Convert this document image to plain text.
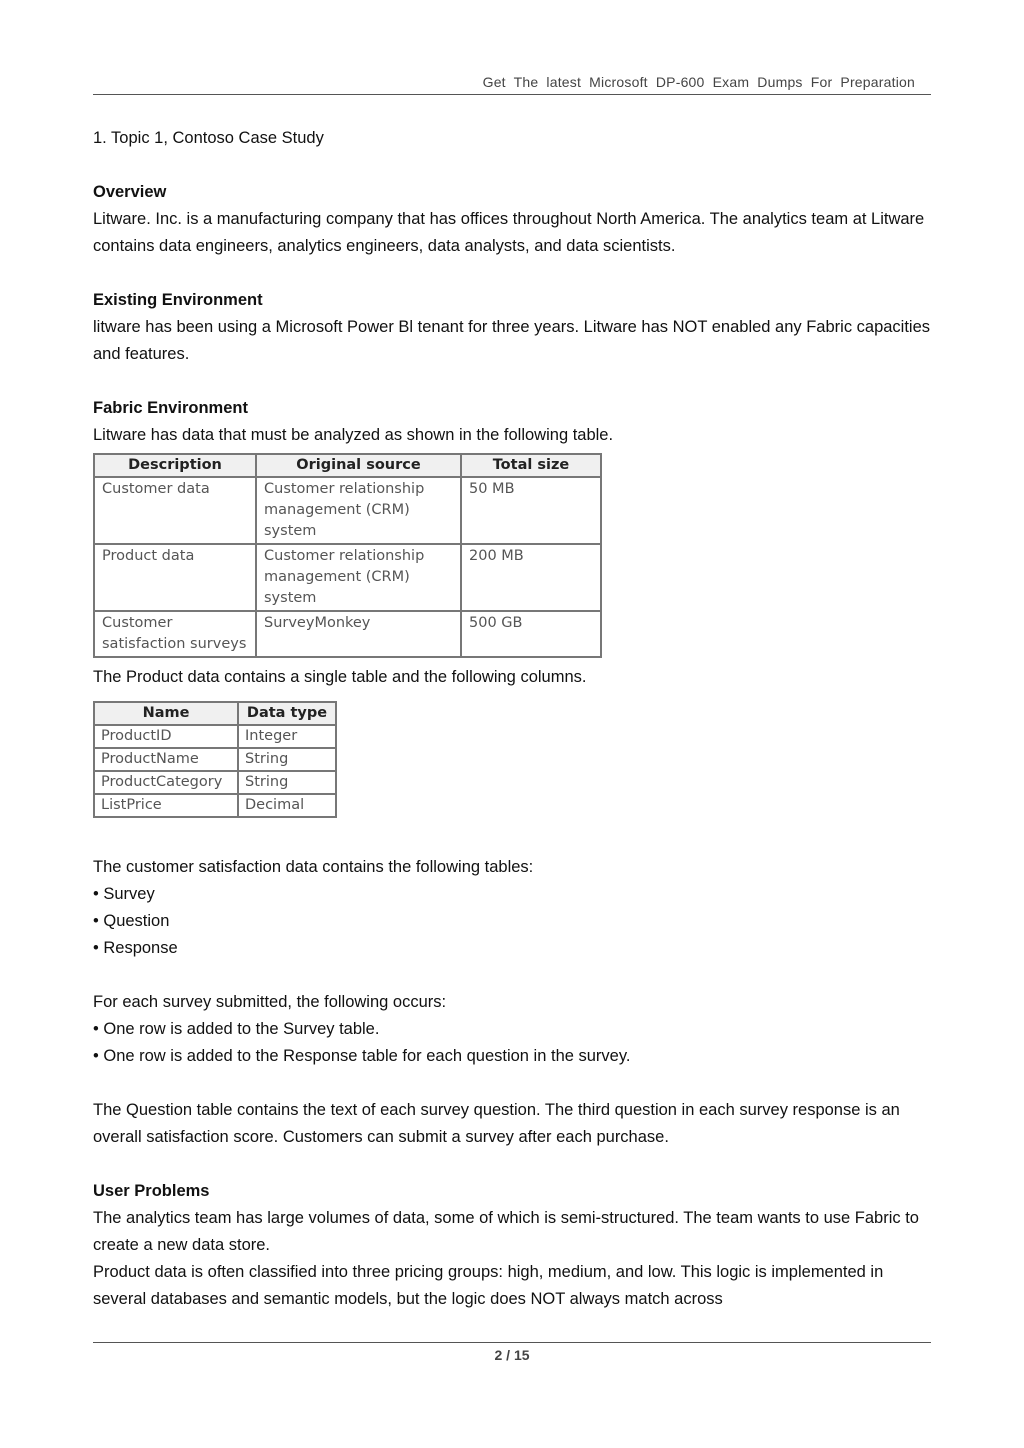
Get The latest Microsoft DP-600 Exam Dumps For Preparation

1. Topic 1, Contoso Case Study

Overview

Litware. Inc. is a manufacturing company that has offices throughout North America. The analytics team at Litware contains data engineers, analytics engineers, data analysts, and data scientists.

Existing Environment

litware has been using a Microsoft Power Bl tenant for three years. Litware has NOT enabled any Fabric capacities and features.

Fabric Environment

Litware has data that must be analyzed as shown in the following table.

Description	Original source	Total size
Customer data	Customer relationship management (CRM) system	50 MB
Product data	Customer relationship management (CRM) system	200 MB
Customer satisfaction surveys	SurveyMonkey	500 GB

The Product data contains a single table and the following columns.

Name	Data type
ProductID	Integer
ProductName	String
ProductCategory	String
ListPrice	Decimal

The customer satisfaction data contains the following tables:

• Survey

• Question

• Response

For each survey submitted, the following occurs:

• One row is added to the Survey table.

• One row is added to the Response table for each question in the survey.

The Question table contains the text of each survey question. The third question in each survey response is an overall satisfaction score. Customers can submit a survey after each purchase.

User Problems

The analytics team has large volumes of data, some of which is semi-structured. The team wants to use Fabric to create a new data store.

Product data is often classified into three pricing groups: high, medium, and low. This logic is implemented in several databases and semantic models, but the logic does NOT always match across

2 / 15
